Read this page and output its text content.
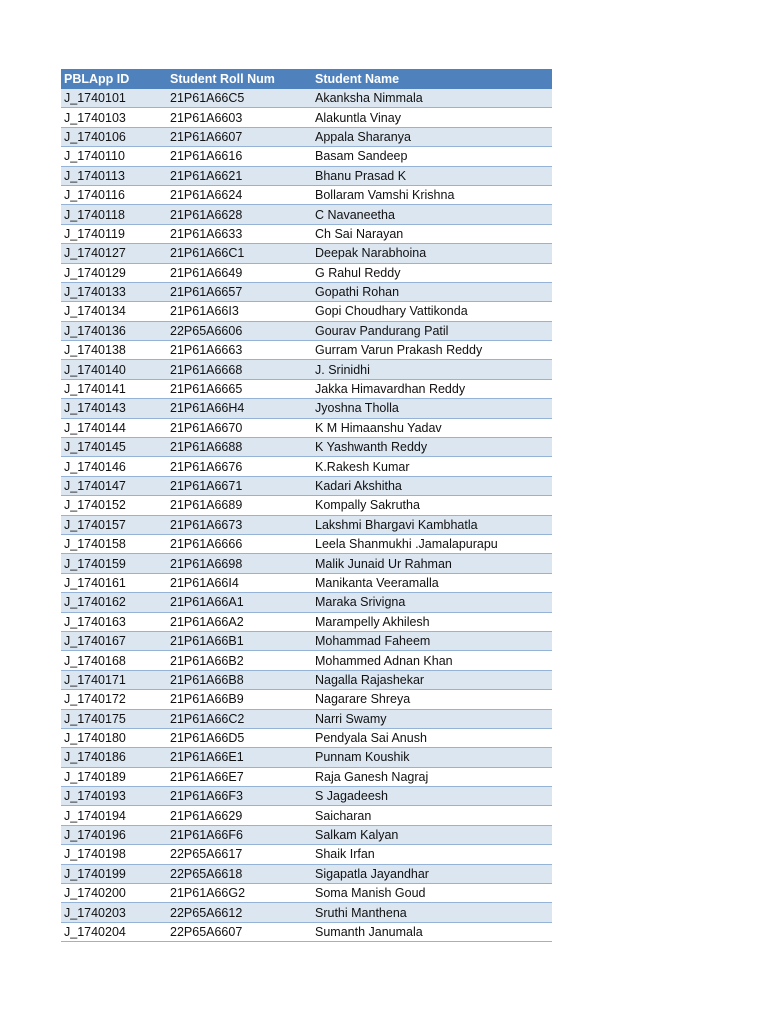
PBLApp ID	Student Roll Num	Student Name
J_1740101	21P61A66C5	Akanksha Nimmala
J_1740103	21P61A6603	Alakuntla Vinay
J_1740106	21P61A6607	Appala Sharanya
J_1740110	21P61A6616	Basam Sandeep
J_1740113	21P61A6621	Bhanu Prasad K
J_1740116	21P61A6624	Bollaram Vamshi Krishna
J_1740118	21P61A6628	C Navaneetha
J_1740119	21P61A6633	Ch Sai Narayan
J_1740127	21P61A66C1	Deepak Narabhoina
J_1740129	21P61A6649	G Rahul Reddy
J_1740133	21P61A6657	Gopathi Rohan
J_1740134	21P61A66I3	Gopi Choudhary Vattikonda
J_1740136	22P65A6606	Gourav Pandurang Patil
J_1740138	21P61A6663	Gurram Varun Prakash Reddy
J_1740140	21P61A6668	J. Srinidhi
J_1740141	21P61A6665	Jakka Himavardhan Reddy
J_1740143	21P61A66H4	Jyoshna Tholla
J_1740144	21P61A6670	K M Himaanshu Yadav
J_1740145	21P61A6688	K Yashwanth Reddy
J_1740146	21P61A6676	K.Rakesh Kumar
J_1740147	21P61A6671	Kadari Akshitha
J_1740152	21P61A6689	Kompally Sakrutha
J_1740157	21P61A6673	Lakshmi Bhargavi Kambhatla
J_1740158	21P61A6666	Leela Shanmukhi .Jamalapurapu
J_1740159	21P61A6698	Malik Junaid Ur Rahman
J_1740161	21P61A66I4	Manikanta Veeramalla
J_1740162	21P61A66A1	Maraka Srivigna
J_1740163	21P61A66A2	Marampelly Akhilesh
J_1740167	21P61A66B1	Mohammad Faheem
J_1740168	21P61A66B2	Mohammed Adnan Khan
J_1740171	21P61A66B8	Nagalla Rajashekar
J_1740172	21P61A66B9	Nagarare Shreya
J_1740175	21P61A66C2	Narri Swamy
J_1740180	21P61A66D5	Pendyala Sai Anush
J_1740186	21P61A66E1	Punnam Koushik
J_1740189	21P61A66E7	Raja Ganesh Nagraj
J_1740193	21P61A66F3	S Jagadeesh
J_1740194	21P61A6629	Saicharan
J_1740196	21P61A66F6	Salkam Kalyan
J_1740198	22P65A6617	Shaik Irfan
J_1740199	22P65A6618	Sigapatla Jayandhar
J_1740200	21P61A66G2	Soma Manish Goud
J_1740203	22P65A6612	Sruthi Manthena
J_1740204	22P65A6607	Sumanth Janumala
